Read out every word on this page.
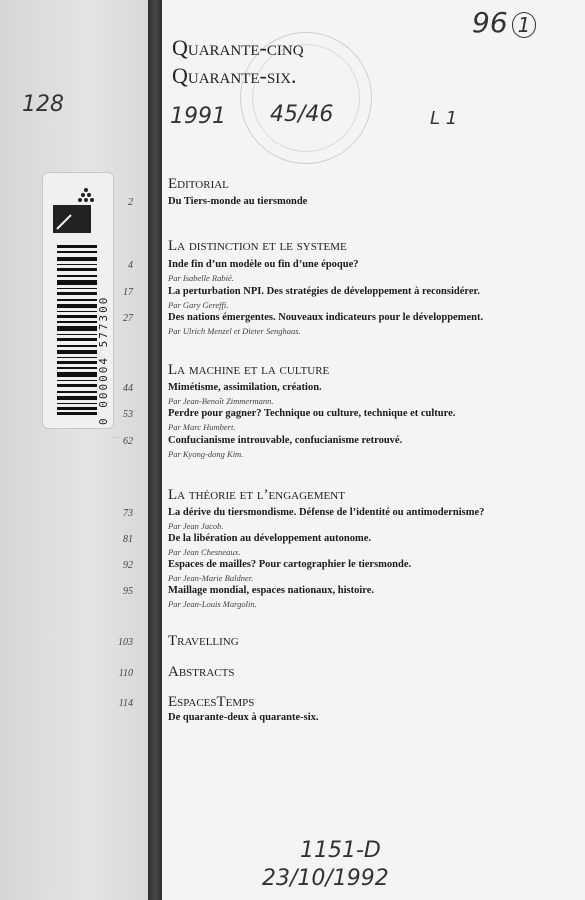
128
0 000004 577300
…
96 1
Quarante-cinq
Quarante-six.
1991 45/46	L 1
Editorial
2	Du Tiers-monde au tiersmonde
La distinction et le systeme
4	Inde fin d’un modèle ou fin d’une époque?
Par Isabelle Rabié.
17	La perturbation NPI. Des stratégies de développement à reconsidérer.
Par Gary Gereffi.
27	Des nations émergentes. Nouveaux indicateurs pour le développement.
Par Ulrich Menzel et Dieter Senghaas.
La machine et la culture
44	Mimétisme, assimilation, création.
Par Jean-Benoît Zimmermann.
53	Perdre pour gagner? Technique ou culture, technique et culture.
Par Marc Humbert.
62	Confucianisme introuvable, confucianisme retrouvé.
Par Kyong-dong Kim.
La théorie et l’engagement
73	La dérive du tiersmondisme. Défense de l’identité ou antimodernisme?
Par Jean Jacob.
81	De la libération au développement autonome.
Par Jean Chesneaux.
92	Espaces de mailles? Pour cartographier le tiersmonde.
Par Jean-Marie Baldner.
95	Maillage mondial, espaces nationaux, histoire.
Par Jean-Louis Margolin.
103 Travelling
110 Abstracts
114 EspacesTemps
De quarante-deux à quarante-six.
1151-D
23/10/1992
